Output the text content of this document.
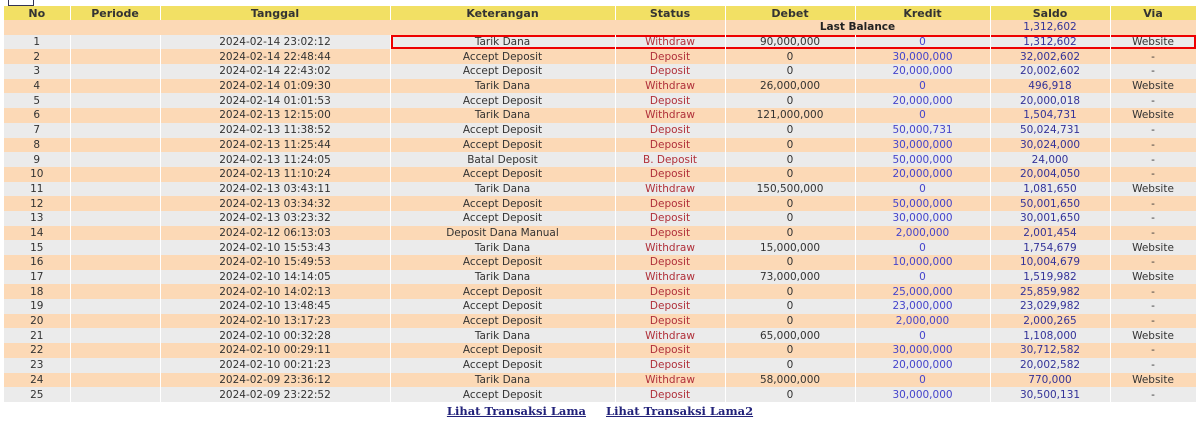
No	Periode	Tanggal	Keterangan	Status	Debet	Kredit	Saldo	Via
					Last Balance		1,312,602	
1		2024-02-14 23:02:12	Tarik Dana	Withdraw	90,000,000	0	1,312,602	Website
2		2024-02-14 22:48:44	Accept Deposit	Deposit	0	30,000,000	32,002,602	-
3		2024-02-14 22:43:02	Accept Deposit	Deposit	0	20,000,000	20,002,602	-
4		2024-02-14 01:09:30	Tarik Dana	Withdraw	26,000,000	0	496,918	Website
5		2024-02-14 01:01:53	Accept Deposit	Deposit	0	20,000,000	20,000,018	-
6		2024-02-13 12:15:00	Tarik Dana	Withdraw	121,000,000	0	1,504,731	Website
7		2024-02-13 11:38:52	Accept Deposit	Deposit	0	50,000,731	50,024,731	-
8		2024-02-13 11:25:44	Accept Deposit	Deposit	0	30,000,000	30,024,000	-
9		2024-02-13 11:24:05	Batal Deposit	B. Deposit	0	50,000,000	24,000	-
10		2024-02-13 11:10:24	Accept Deposit	Deposit	0	20,000,000	20,004,050	-
11		2024-02-13 03:43:11	Tarik Dana	Withdraw	150,500,000	0	1,081,650	Website
12		2024-02-13 03:34:32	Accept Deposit	Deposit	0	50,000,000	50,001,650	-
13		2024-02-13 03:23:32	Accept Deposit	Deposit	0	30,000,000	30,001,650	-
14		2024-02-12 06:13:03	Deposit Dana Manual	Deposit	0	2,000,000	2,001,454	-
15		2024-02-10 15:53:43	Tarik Dana	Withdraw	15,000,000	0	1,754,679	Website
16		2024-02-10 15:49:53	Accept Deposit	Deposit	0	10,000,000	10,004,679	-
17		2024-02-10 14:14:05	Tarik Dana	Withdraw	73,000,000	0	1,519,982	Website
18		2024-02-10 14:02:13	Accept Deposit	Deposit	0	25,000,000	25,859,982	-
19		2024-02-10 13:48:45	Accept Deposit	Deposit	0	23,000,000	23,029,982	-
20		2024-02-10 13:17:23	Accept Deposit	Deposit	0	2,000,000	2,000,265	-
21		2024-02-10 00:32:28	Tarik Dana	Withdraw	65,000,000	0	1,108,000	Website
22		2024-02-10 00:29:11	Accept Deposit	Deposit	0	30,000,000	30,712,582	-
23		2024-02-10 00:21:23	Accept Deposit	Deposit	0	20,000,000	20,002,582	-
24		2024-02-09 23:36:12	Tarik Dana	Withdraw	58,000,000	0	770,000	Website
25		2024-02-09 23:22:52	Accept Deposit	Deposit	0	30,000,000	30,500,131	-
Lihat Transaksi Lama Lihat Transaksi Lama2
